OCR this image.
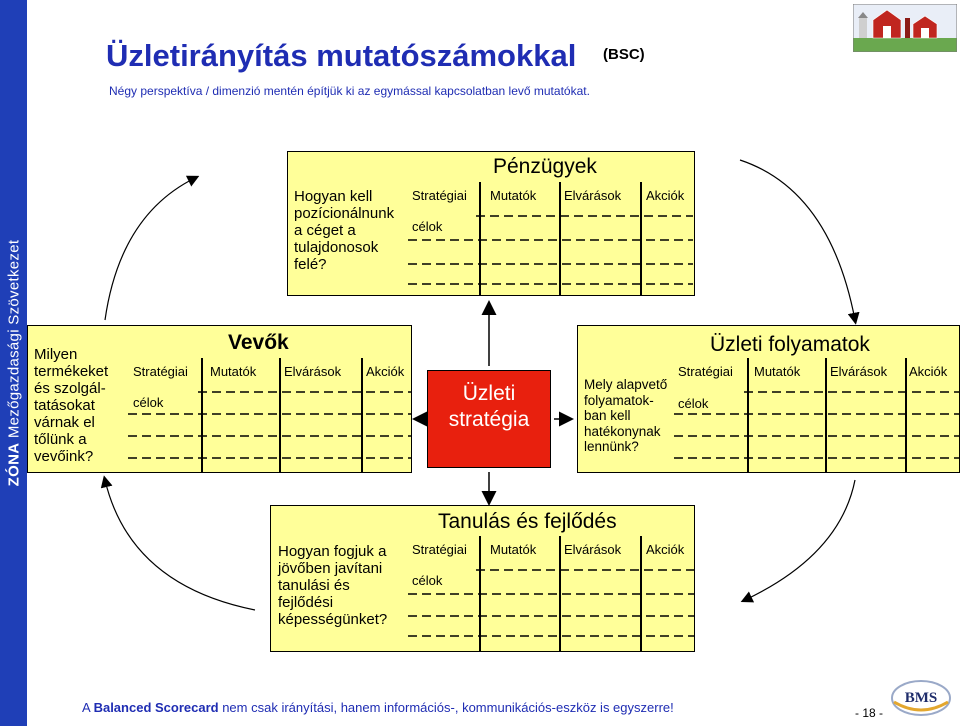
ZÓNA Mezőgazdasági Szövetkezet
Üzletirányítás mutatószámokkal (BSC)
Négy perspektíva / dimenzió mentén építjük ki az egymással kapcsolatban levő mutatókat.
Pénzügyek
Hogyan kell
pozícionálnunk
a céget a
tulajdonosok
felé?
Stratégiai
célok
Mutatók Elvárások Akciók
Vevők
Milyen
termékeket
és szolgál-
tatásokat
várnak el
tőlünk a
vevőink?
Stratégiai
célok
Mutatók Elvárások Akciók
Üzleti folyamatok
Mely alapvető
folyamatok-
ban kell
hatékonynak
lennünk?
Stratégiai
célok
Mutatók Elvárások Akciók
Üzleti
stratégia
Tanulás és fejlődés
Hogyan fogjuk a
jövőben javítani
tanulási és
fejlődési
képességünket?
Stratégiai
célok
Mutatók Elvárások Akciók
A Balanced Scorecard nem csak irányítási, hanem információs-, kommunikációs-eszköz is egyszerre!	- 18 -
BMS
